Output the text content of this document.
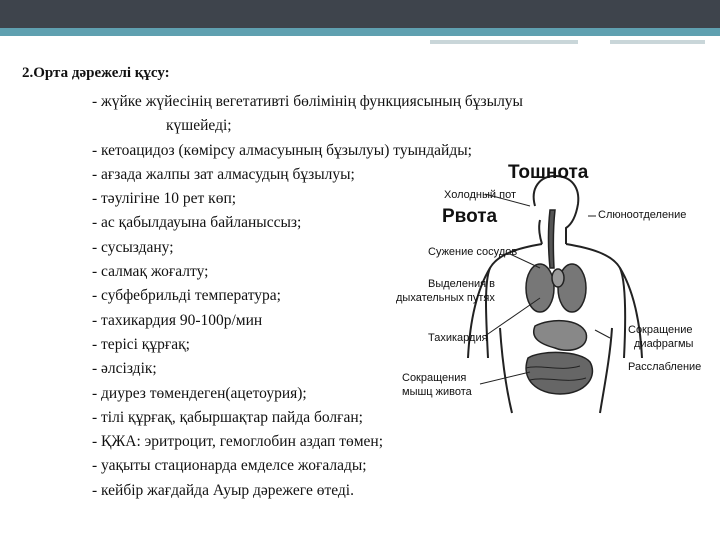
2.Орта дәрежелі құсу:
- жүйке жүйесінің вегетативті бөлімінің функциясының бұзылуы
күшейеді;
- кетоацидоз (көмірсу алмасуының бұзылуы) туындайды;
- ағзада жалпы зат алмасудың бұзылуы;
- тәулігіне 10 рет көп;
- ас қабылдауына байланыссыз;
- сусыздану;
- салмақ жоғалту;
- субфебрильді температура;
- тахикардия 90-100р/мин
- терісі құрғақ;
- әлсіздік;
- диурез төмендеген(ацетоурия);
- тілі құрғақ, қабыршақтар пайда болған;
- ҚЖА: эритроцит, гемоглобин аздап төмен;
- уақыты стационарда емделсе жоғалады;
- кейбір жағдайда Ауыр дәрежеге өтеді.
Тошнота
Холодный пот
Рвота	Слюноотделение
Сужение сосудов
Выделения в
дыхательных путях
Тахикардия
Сокращение
диафрагмы
Расслабление
Сокращения
мышц живота
